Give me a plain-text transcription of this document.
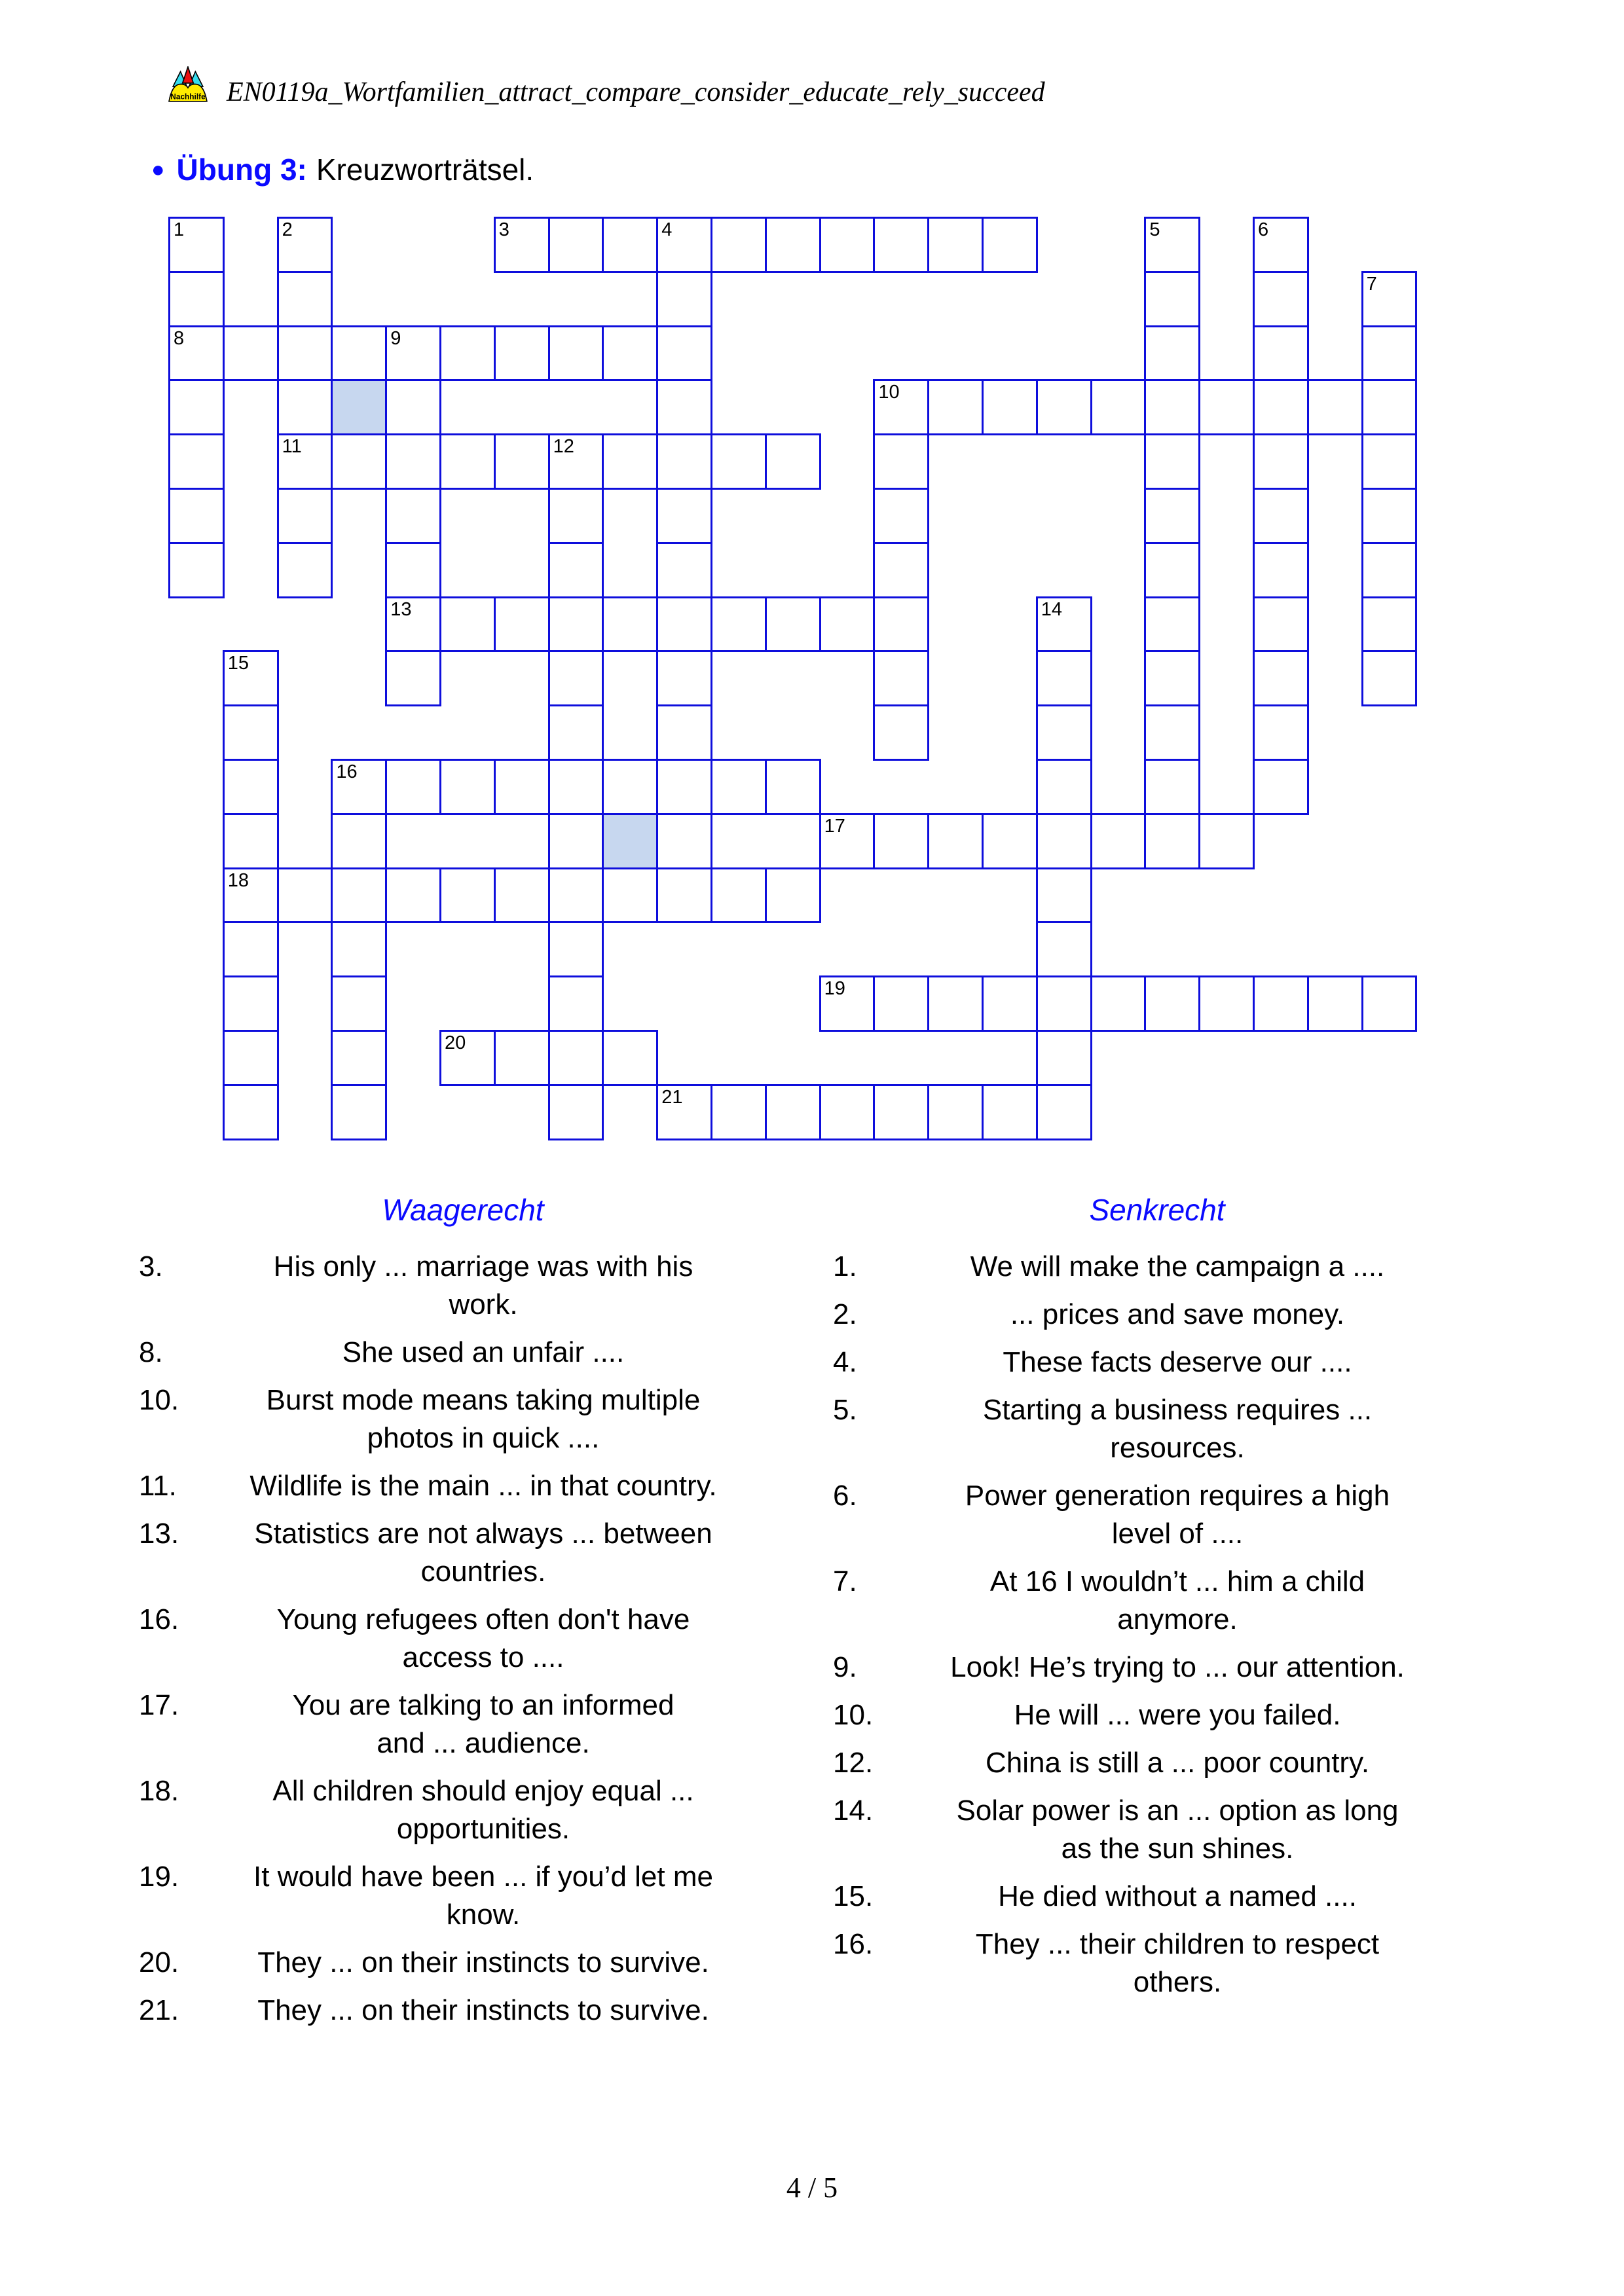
Nachhilfe EN0119a_Wortfamilien_attract_compare_consider_educate_rely_succeed
● Übung 3: Kreuzworträtsel.
1	2	3	4	5	6
7
8	9
10
11	12
13	14
15
16
17
18
19
20
21
Waagerecht
3.	His only ... marriage was with his
work.
8.	She used an unfair ....
10.	Burst mode means taking multiple
photos in quick ....
11.	Wildlife is the main ... in that country.
13.	Statistics are not always ... between
countries.
16.	Young refugees often don't have
access to ....
17.	You are talking to an informed
and ... audience.
18.	All children should enjoy equal ...
opportunities.
19.	It would have been ... if you’d let me
know.
20.	They ... on their instincts to survive.
21.	They ... on their instincts to survive.
Senkrecht
1.	We will make the campaign a ....
2.	... prices and save money.
4.	These facts deserve our ....
5.	Starting a business requires ...
resources.
6.	Power generation requires a high
level of ....
7.	At 16 I wouldn’t ... him a child
anymore.
9.	Look! He’s trying to ... our attention.
10.	He will ... were you failed.
12.	China is still a ... poor country.
14.	Solar power is an ... option as long
as the sun shines.
15.	He died without a named ....
16.	They ... their children to respect
others.
4 / 5
